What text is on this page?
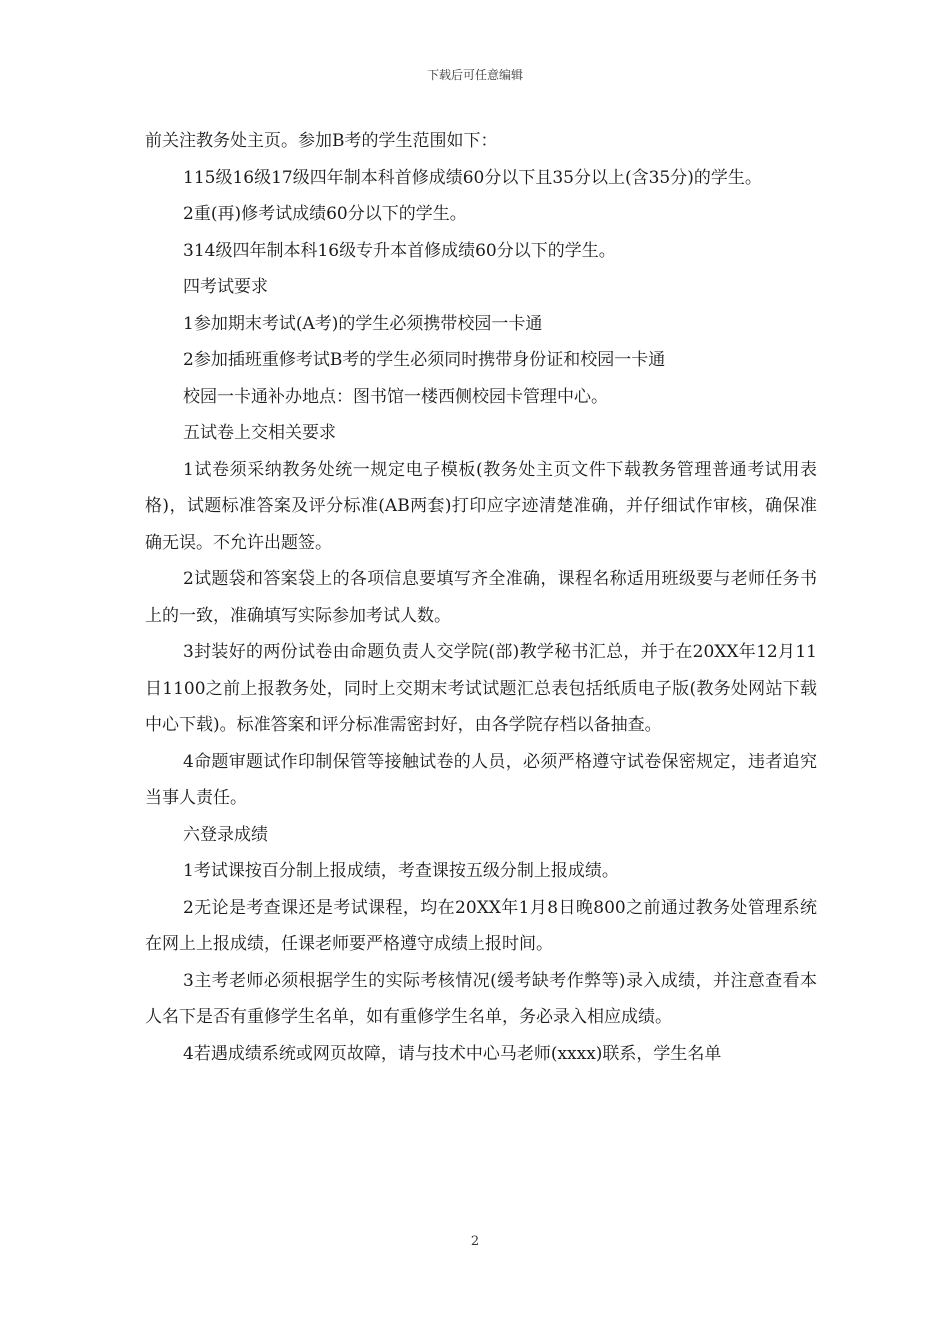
下载后可任意编辑

前关注教务处主页。参加B考的学生范围如下：

115级16级17级四年制本科首修成绩60分以下且35分以上(含35分)的学生。

2重(再)修考试成绩60分以下的学生。

314级四年制本科16级专升本首修成绩60分以下的学生。

四考试要求

1参加期末考试(A考)的学生必须携带校园一卡通

2参加插班重修考试B考的学生必须同时携带身份证和校园一卡通

校园一卡通补办地点：图书馆一楼西侧校园卡管理中心。

五试卷上交相关要求

1试卷须采纳教务处统一规定电子模板(教务处主页文件下载教务管理普通考试用表格)，试题标准答案及评分标准(AB两套)打印应字迹清楚准确，并仔细试作审核，确保准确无误。不允许出题签。

2试题袋和答案袋上的各项信息要填写齐全准确，课程名称适用班级要与老师任务书上的一致，准确填写实际参加考试人数。

3封装好的两份试卷由命题负责人交学院(部)教学秘书汇总，并于在20XX年12月11日1100之前上报教务处，同时上交期末考试试题汇总表包括纸质电子版(教务处网站下载中心下载)。标准答案和评分标准需密封好，由各学院存档以备抽查。

4命题审题试作印制保管等接触试卷的人员，必须严格遵守试卷保密规定，违者追究当事人责任。

六登录成绩

1考试课按百分制上报成绩，考查课按五级分制上报成绩。

2无论是考查课还是考试课程，均在20XX年1月8日晚800之前通过教务处管理系统在网上上报成绩，任课老师要严格遵守成绩上报时间。

3主考老师必须根据学生的实际考核情况(缓考缺考作弊等)录入成绩，并注意查看本人名下是否有重修学生名单，如有重修学生名单，务必录入相应成绩。

4若遇成绩系统或网页故障，请与技术中心马老师(xxxx)联系，学生名单

2
